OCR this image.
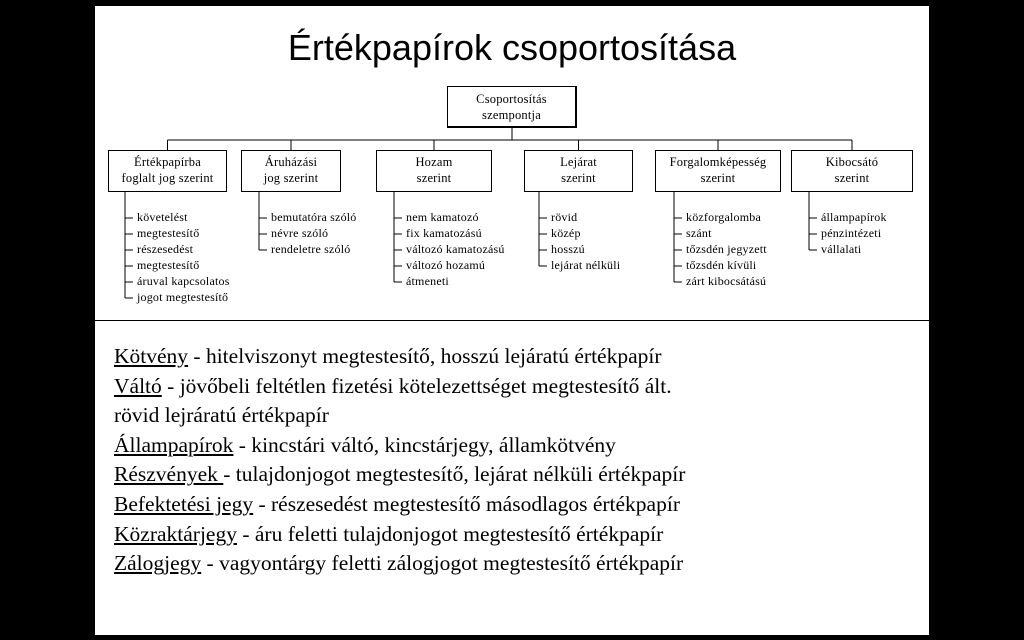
Értékpapírok csoportosítása
Csoportosítás
szempontja
Értékpapírba
foglalt jog szerint
követelést
megtestesítő
részesedést
megtestesítő
áruval kapcsolatos
jogot megtestesítő
Áruházási
jog szerint
bemutatóra szóló
névre szóló
rendeletre szóló
Hozam
szerint
nem kamatozó
fix kamatozású
változó kamatozású
változó hozamú
átmeneti
Lejárat
szerint
rövid
közép
hosszú
lejárat nélküli
Forgalomképesség
szerint
közforgalomba
szánt
tőzsdén jegyzett
tőzsdén kívüli
zárt kibocsátású
Kibocsátó
szerint
állampapírok
pénzintézeti
vállalati
Kötvény - hitelviszonyt megtestesítő, hosszú lejáratú értékpapír
Váltó - jövőbeli feltétlen fizetési kötelezettséget megtestesítő ált.
rövid lejráratú értékpapír
Állampapírok - kincstári váltó, kincstárjegy, államkötvény
Részvények - tulajdonjogot megtestesítő, lejárat nélküli értékpapír
Befektetési jegy - részesedést megtestesítő másodlagos értékpapír
Közraktárjegy - áru feletti tulajdonjogot megtestesítő értékpapír
Zálogjegy - vagyontárgy feletti zálogjogot megtestesítő értékpapír
